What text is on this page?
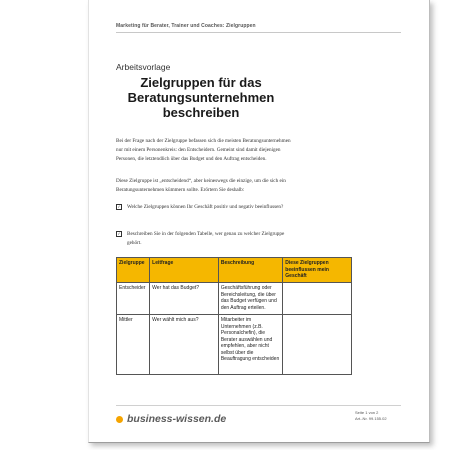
Marketing für Berater, Trainer und Coaches: Zielgruppen
Arbeitsvorlage
Zielgruppen für das
Beratungsunternehmen
beschreiben
Bei der Frage nach der Zielgruppe befassen sich die meisten Beratungsunternehmen nur mit einem Personenkreis: den Entscheidern. Gemeint sind damit diejenigen Personen, die letztendlich über das Budget und den Auftrag entscheiden.
Diese Zielgruppe ist „entscheidend“, aber keineswegs die einzige, um die sich ein Beratungsunternehmen kümmern sollte. Erörtern Sie deshalb:
✓ Welche Zielgruppen können Ihr Geschäft positiv und negativ beeinflussen?
✓ Beschreiben Sie in der folgenden Tabelle, wer genau zu welcher Zielgruppe gehört.
Zielgruppe	Leitfrage	Beschreibung	Diese Zielgruppen beeinflussen mein Geschäft
Entscheider	Wer hat das Budget?	Geschäftsführung oder Bereichsleitung, die über das Budget verfügen und den Auftrag erteilen.	
Mittler	Wer wählt mich aus?	Mitarbeiter im Unternehmen (z.B. Personalchefin), die Berater auswählen und empfehlen, aber nicht selbst über die Beauftragung entscheiden	
business-wissen.de
Seite 1 von 2
Art.-Nr. 99.155.02
